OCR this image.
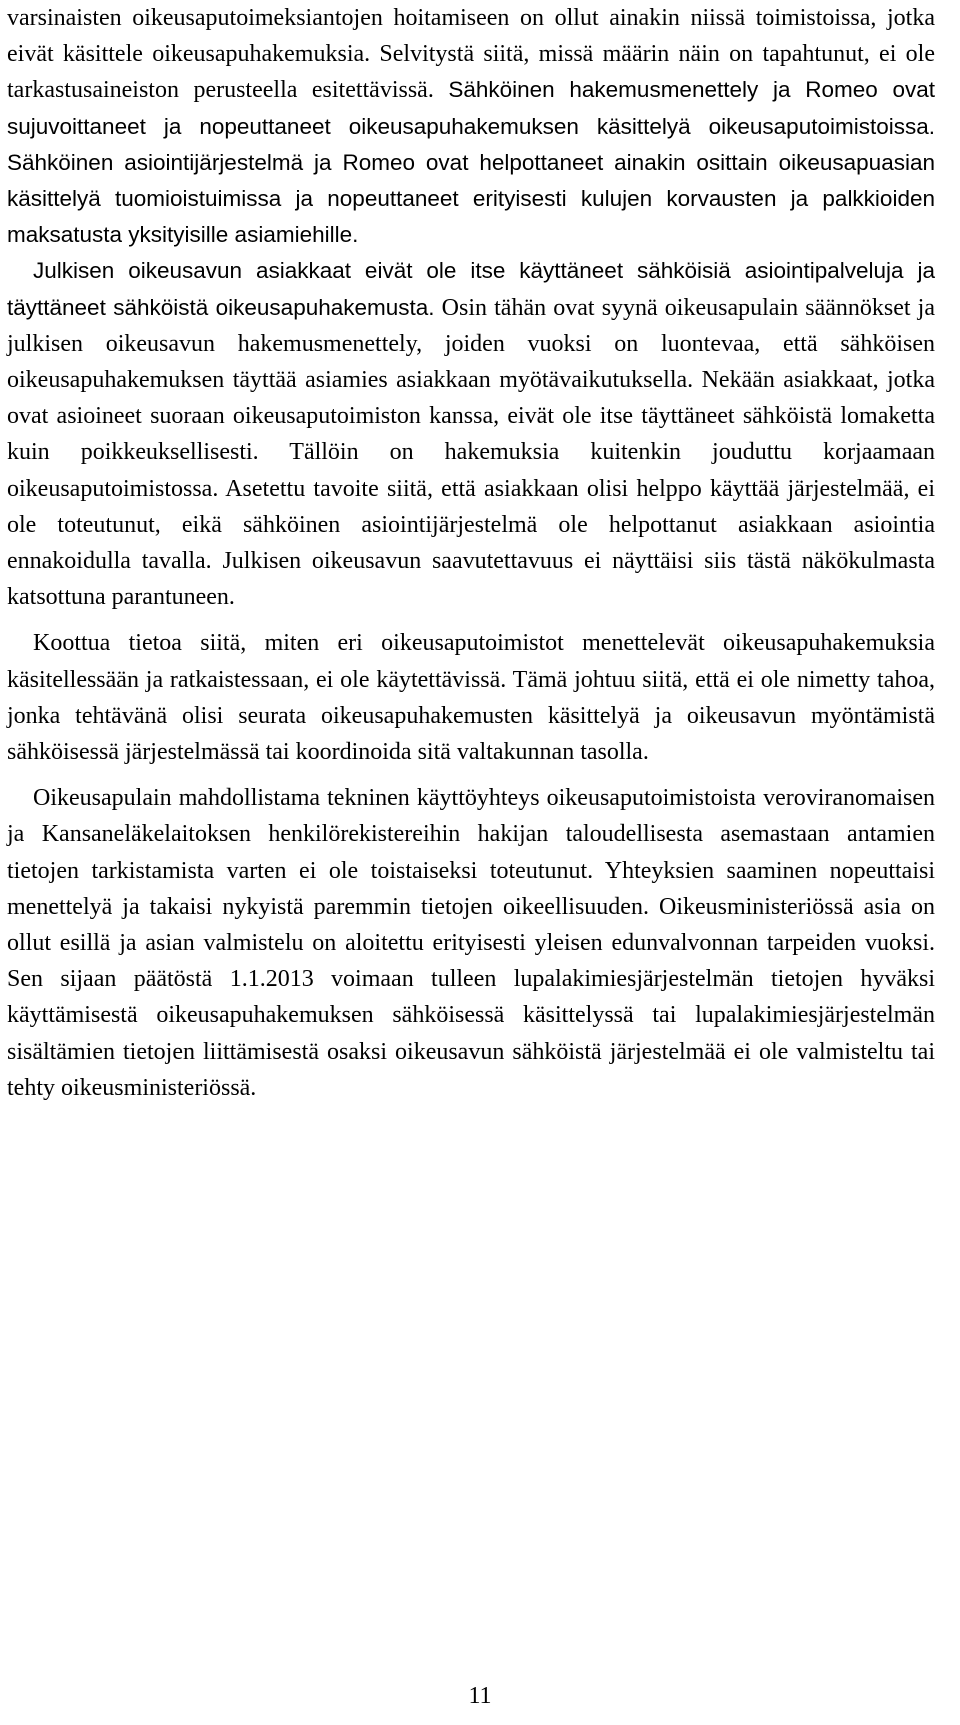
varsinaisten oikeusaputoimeksiantojen hoitamiseen on ollut ainakin niissä toimistoissa, jotka eivät käsittele oikeusapuhakemuksia. Selvitystä siitä, missä määrin näin on tapahtunut, ei ole tarkastusaineiston perusteella esitettävissä. Sähköinen hakemusmenettely ja Romeo ovat sujuvoittaneet ja nopeuttaneet oikeusapuhakemuksen käsittelyä oikeusaputoimistoissa. Sähköinen asiointijärjestelmä ja Romeo ovat helpottaneet ainakin osittain oikeusapuasian käsittelyä tuomioistuimissa ja nopeuttaneet erityisesti kulujen korvausten ja palkkioiden maksatusta yksityisille asiamiehille.

Julkisen oikeusavun asiakkaat eivät ole itse käyttäneet sähköisiä asiointipalveluja ja täyttäneet sähköistä oikeusapuhakemusta. Osin tähän ovat syynä oikeusapulain säännökset ja julkisen oikeusavun hakemusmenettely, joiden vuoksi on luontevaa, että sähköisen oikeusapuhakemuksen täyttää asiamies asiakkaan myötävaikutuksella. Nekään asiakkaat, jotka ovat asioineet suoraan oikeusaputoimiston kanssa, eivät ole itse täyttäneet sähköistä lomaketta kuin poikkeuksellisesti. Tällöin on hakemuksia kuitenkin jouduttu korjaamaan oikeusaputoimistossa. Asetettu tavoite siitä, että asiakkaan olisi helppo käyttää järjestelmää, ei ole toteutunut, eikä sähköinen asiointijärjestelmä ole helpottanut asiakkaan asiointia ennakoidulla tavalla. Julkisen oikeusavun saavutettavuus ei näyttäisi siis tästä näkökulmasta katsottuna parantuneen.

Koottua tietoa siitä, miten eri oikeusaputoimistot menettelevät oikeusapuhakemuksia käsitellessään ja ratkaistessaan, ei ole käytettävissä. Tämä johtuu siitä, että ei ole nimetty tahoa, jonka tehtävänä olisi seurata oikeusapuhakemusten käsittelyä ja oikeusavun myöntämistä sähköisessä järjestelmässä tai koordinoida sitä valtakunnan tasolla.

Oikeusapulain mahdollistama tekninen käyttöyhteys oikeusaputoimistoista veroviranomaisen ja Kansaneläkelaitoksen henkilörekistereihin hakijan taloudellisesta asemastaan antamien tietojen tarkistamista varten ei ole toistaiseksi toteutunut. Yhteyksien saaminen nopeuttaisi menettelyä ja takaisi nykyistä paremmin tietojen oikeellisuuden. Oikeusministeriössä asia on ollut esillä ja asian valmistelu on aloitettu erityisesti yleisen edunvalvonnan tarpeiden vuoksi. Sen sijaan päätöstä 1.1.2013 voimaan tulleen lupalakimiesjärjestelmän tietojen hyväksi käyttämisestä oikeusapuhakemuksen sähköisessä käsittelyssä tai lupalakimiesjärjestelmän sisältämien tietojen liittämisestä osaksi oikeusavun sähköistä järjestelmää ei ole valmisteltu tai tehty oikeusministeriössä.

11
